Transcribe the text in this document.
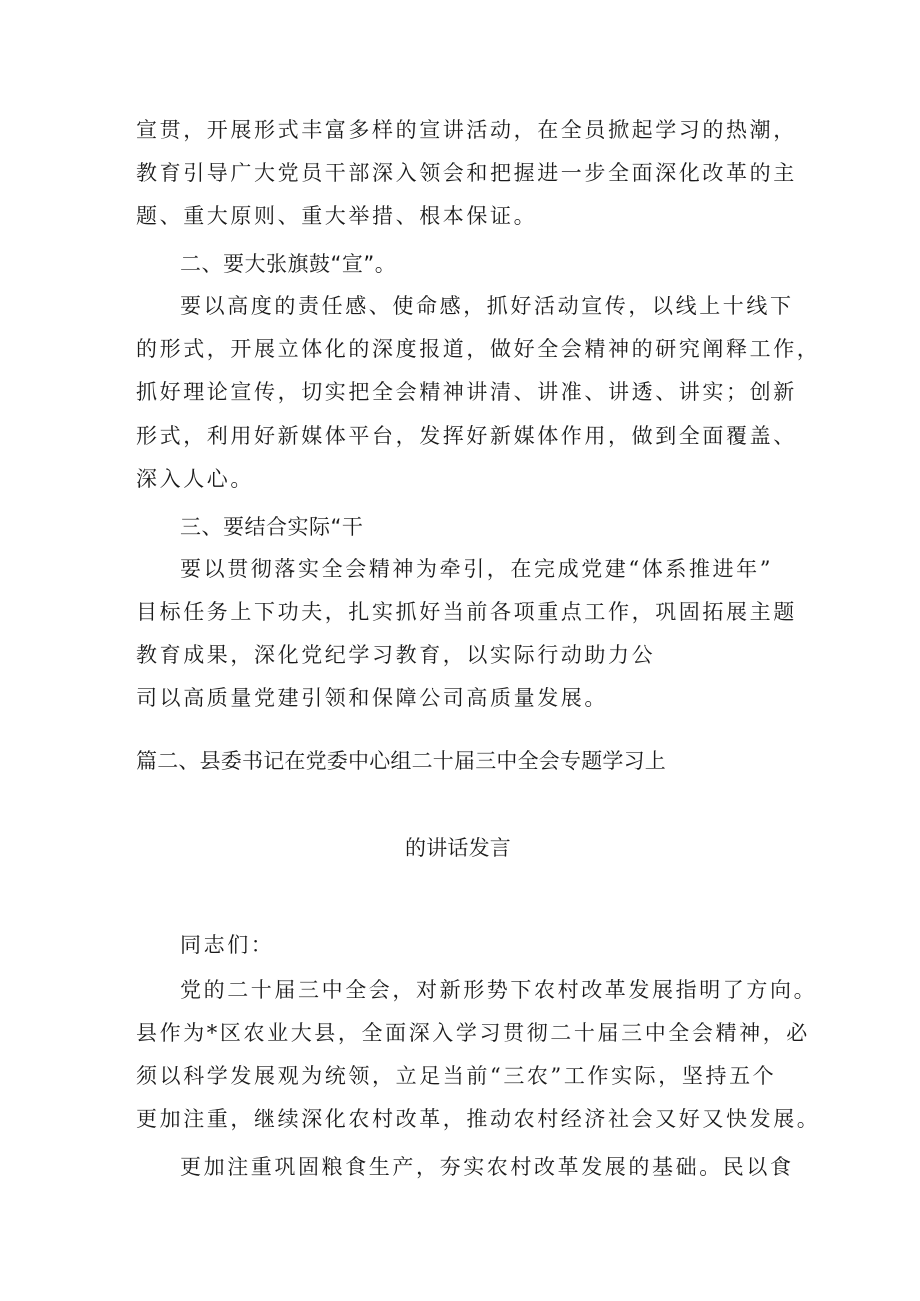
宣贯，开展形式丰富多样的宣讲活动，在全员掀起学习的热潮，
教育引导广大党员干部深入领会和把握进一步全面深化改革的主
题、重大原则、重大举措、根本保证。
二、要大张旗鼓“宣”。
要以高度的责任感、使命感，抓好活动宣传，以线上十线下
的形式，开展立体化的深度报道，做好全会精神的研究阐释工作，
抓好理论宣传，切实把全会精神讲清、讲准、讲透、讲实；创新
形式，利用好新媒体平台，发挥好新媒体作用，做到全面覆盖、
深入人心。
三、要结合实际“干
要以贯彻落实全会精神为牵引，在完成党建“体系推进年”
目标任务上下功夫，扎实抓好当前各项重点工作，巩固拓展主题
教育成果，深化党纪学习教育，以实际行动助力公
司以高质量党建引领和保障公司高质量发展。
篇二、县委书记在党委中心组二十届三中全会专题学习上
的讲话发言
同志们：
党的二十届三中全会，对新形势下农村改革发展指明了方向。
县作为*区农业大县，全面深入学习贯彻二十届三中全会精神，必
须以科学发展观为统领，立足当前“三农”工作实际，坚持五个
更加注重，继续深化农村改革，推动农村经济社会又好又快发展。
更加注重巩固粮食生产，夯实农村改革发展的基础。民以食
